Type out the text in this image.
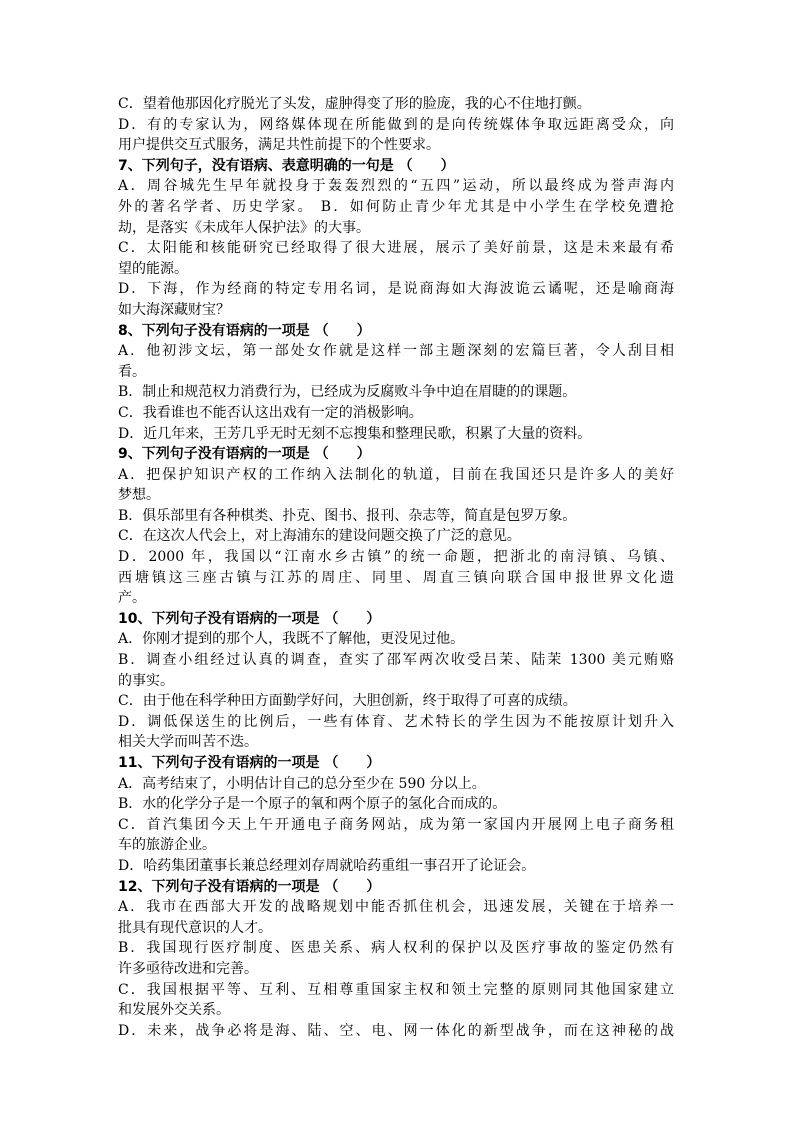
C．望着他那因化疗脱光了头发，虚肿得变了形的脸庞，我的心不住地打颤。
D．有的专家认为，网络媒体现在所能做到的是向传统媒体争取远距离受众，向
用户提供交互式服务，满足共性前提下的个性要求。
7、下列句子，没有语病、表意明确的一句是 （　　）
A．周谷城先生早年就投身于轰轰烈烈的“五四”运动，所以最终成为誉声海内
外的著名学者、历史学家。 B．如何防止青少年尤其是中小学生在学校免遭抢
劫，是落实《未成年人保护法》的大事。
C．太阳能和核能研究已经取得了很大进展，展示了美好前景，这是未来最有希
望的能源。
D．下海，作为经商的特定专用名词，是说商海如大海波诡云谲呢，还是喻商海
如大海深藏财宝？
8、下列句子没有语病的一项是 （　　）
A．他初涉文坛，第一部处女作就是这样一部主题深刻的宏篇巨著，令人刮目相
看。
B．制止和规范权力消费行为，已经成为反腐败斗争中迫在眉睫的的课题。
C．我看谁也不能否认这出戏有一定的消极影响。
D．近几年来，王芳几乎无时无刻不忘搜集和整理民歌，积累了大量的资料。
9、下列句子没有语病的一项是 （　　）
A．把保护知识产权的工作纳入法制化的轨道，目前在我国还只是许多人的美好
梦想。
B．俱乐部里有各种棋类、扑克、图书、报刊、杂志等，简直是包罗万象。
C．在这次人代会上，对上海浦东的建设问题交换了广泛的意见。
D．2000 年，我国以“江南水乡古镇”的统一命题，把浙北的南浔镇、乌镇、
西塘镇这三座古镇与江苏的周庄、同里、周直三镇向联合国申报世界文化遗
产。
10、下列句子没有语病的一项是 （　　）
A．你刚才提到的那个人，我既不了解他，更没见过他。
B．调查小组经过认真的调查，查实了邵军两次收受吕茉、陆茉 1300 美元贿赂
的事实。
C．由于他在科学种田方面勤学好问，大胆创新，终于取得了可喜的成绩。
D．调低保送生的比例后，一些有体育、艺术特长的学生因为不能按原计划升入
相关大学而叫苦不迭。
11、下列句子没有语病的一项是 （　　）
A．高考结束了，小明估计自己的总分至少在 590 分以上。
B．水的化学分子是一个原子的氧和两个原子的氢化合而成的。
C．首汽集团今天上午开通电子商务网站，成为第一家国内开展网上电子商务租
车的旅游企业。
D．哈药集团董事长兼总经理刘存周就哈药重组一事召开了论证会。
12、下列句子没有语病的一项是 （　　）
A．我市在西部大开发的战略规划中能否抓住机会，迅速发展，关键在于培养一
批具有现代意识的人才。
B．我国现行医疗制度、医患关系、病人权利的保护以及医疗事故的鉴定仍然有
许多亟待改进和完善。
C．我国根据平等、互利、互相尊重国家主权和领土完整的原则同其他国家建立
和发展外交关系。
D．未来，战争必将是海、陆、空、电、网一体化的新型战争，而在这神秘的战
